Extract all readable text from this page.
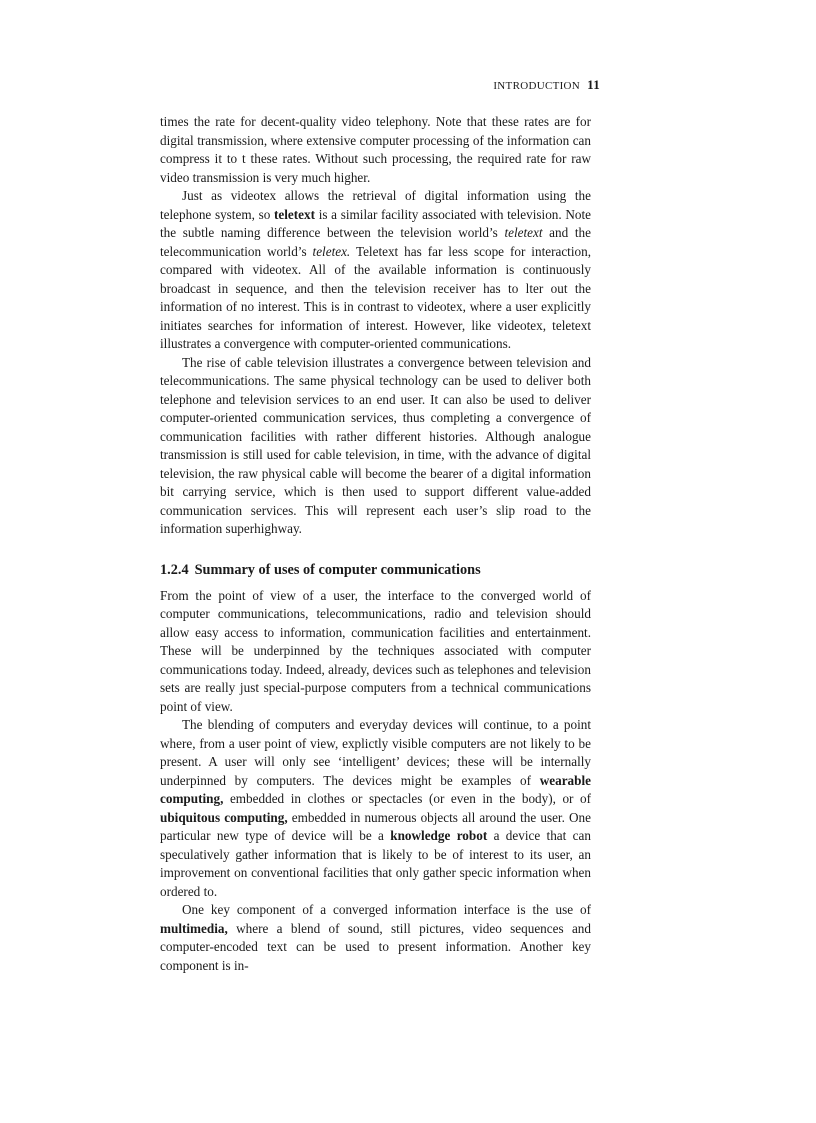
INTRODUCTION 11

times the rate for decent-quality video telephony. Note that these rates are for digital transmission, where extensive computer processing of the information can compress it to t these rates. Without such processing, the required rate for raw video transmission is very much higher.

Just as videotex allows the retrieval of digital information using the telephone system, so teletext is a similar facility associated with television. Note the subtle naming difference between the television world’s teletext and the telecommunication world’s teletex. Teletext has far less scope for interaction, compared with videotex. All of the available information is continuously broadcast in sequence, and then the television receiver has to lter out the information of no interest. This is in contrast to videotex, where a user explicitly initiates searches for information of interest. However, like videotex, teletext illustrates a convergence with computer-oriented communications.

The rise of cable television illustrates a convergence between television and telecommunications. The same physical technology can be used to deliver both telephone and television services to an end user. It can also be used to deliver computer-oriented communication services, thus completing a convergence of communication facilities with rather different histories. Although analogue transmission is still used for cable television, in time, with the advance of digital television, the raw physical cable will become the bearer of a digital information bit carrying service, which is then used to support different value-added communication services. This will represent each user’s slip road to the information superhighway.

1.2.4 Summary of uses of computer communications

From the point of view of a user, the interface to the converged world of computer communications, telecommunications, radio and television should allow easy access to information, communication facilities and entertainment. These will be underpinned by the techniques associated with computer communications today. Indeed, already, devices such as telephones and television sets are really just special-purpose computers from a technical communications point of view.

The blending of computers and everyday devices will continue, to a point where, from a user point of view, explictly visible computers are not likely to be present. A user will only see ‘intelligent’ devices; these will be internally underpinned by computers. The devices might be examples of wearable computing, embedded in clothes or spectacles (or even in the body), or of ubiquitous computing, embedded in numerous objects all around the user. One particular new type of device will be a knowledge robot a device that can speculatively gather information that is likely to be of interest to its user, an improvement on conventional facilities that only gather specic information when ordered to.

One key component of a converged information interface is the use of multimedia, where a blend of sound, still pictures, video sequences and computer-encoded text can be used to present information. Another key component is in-
